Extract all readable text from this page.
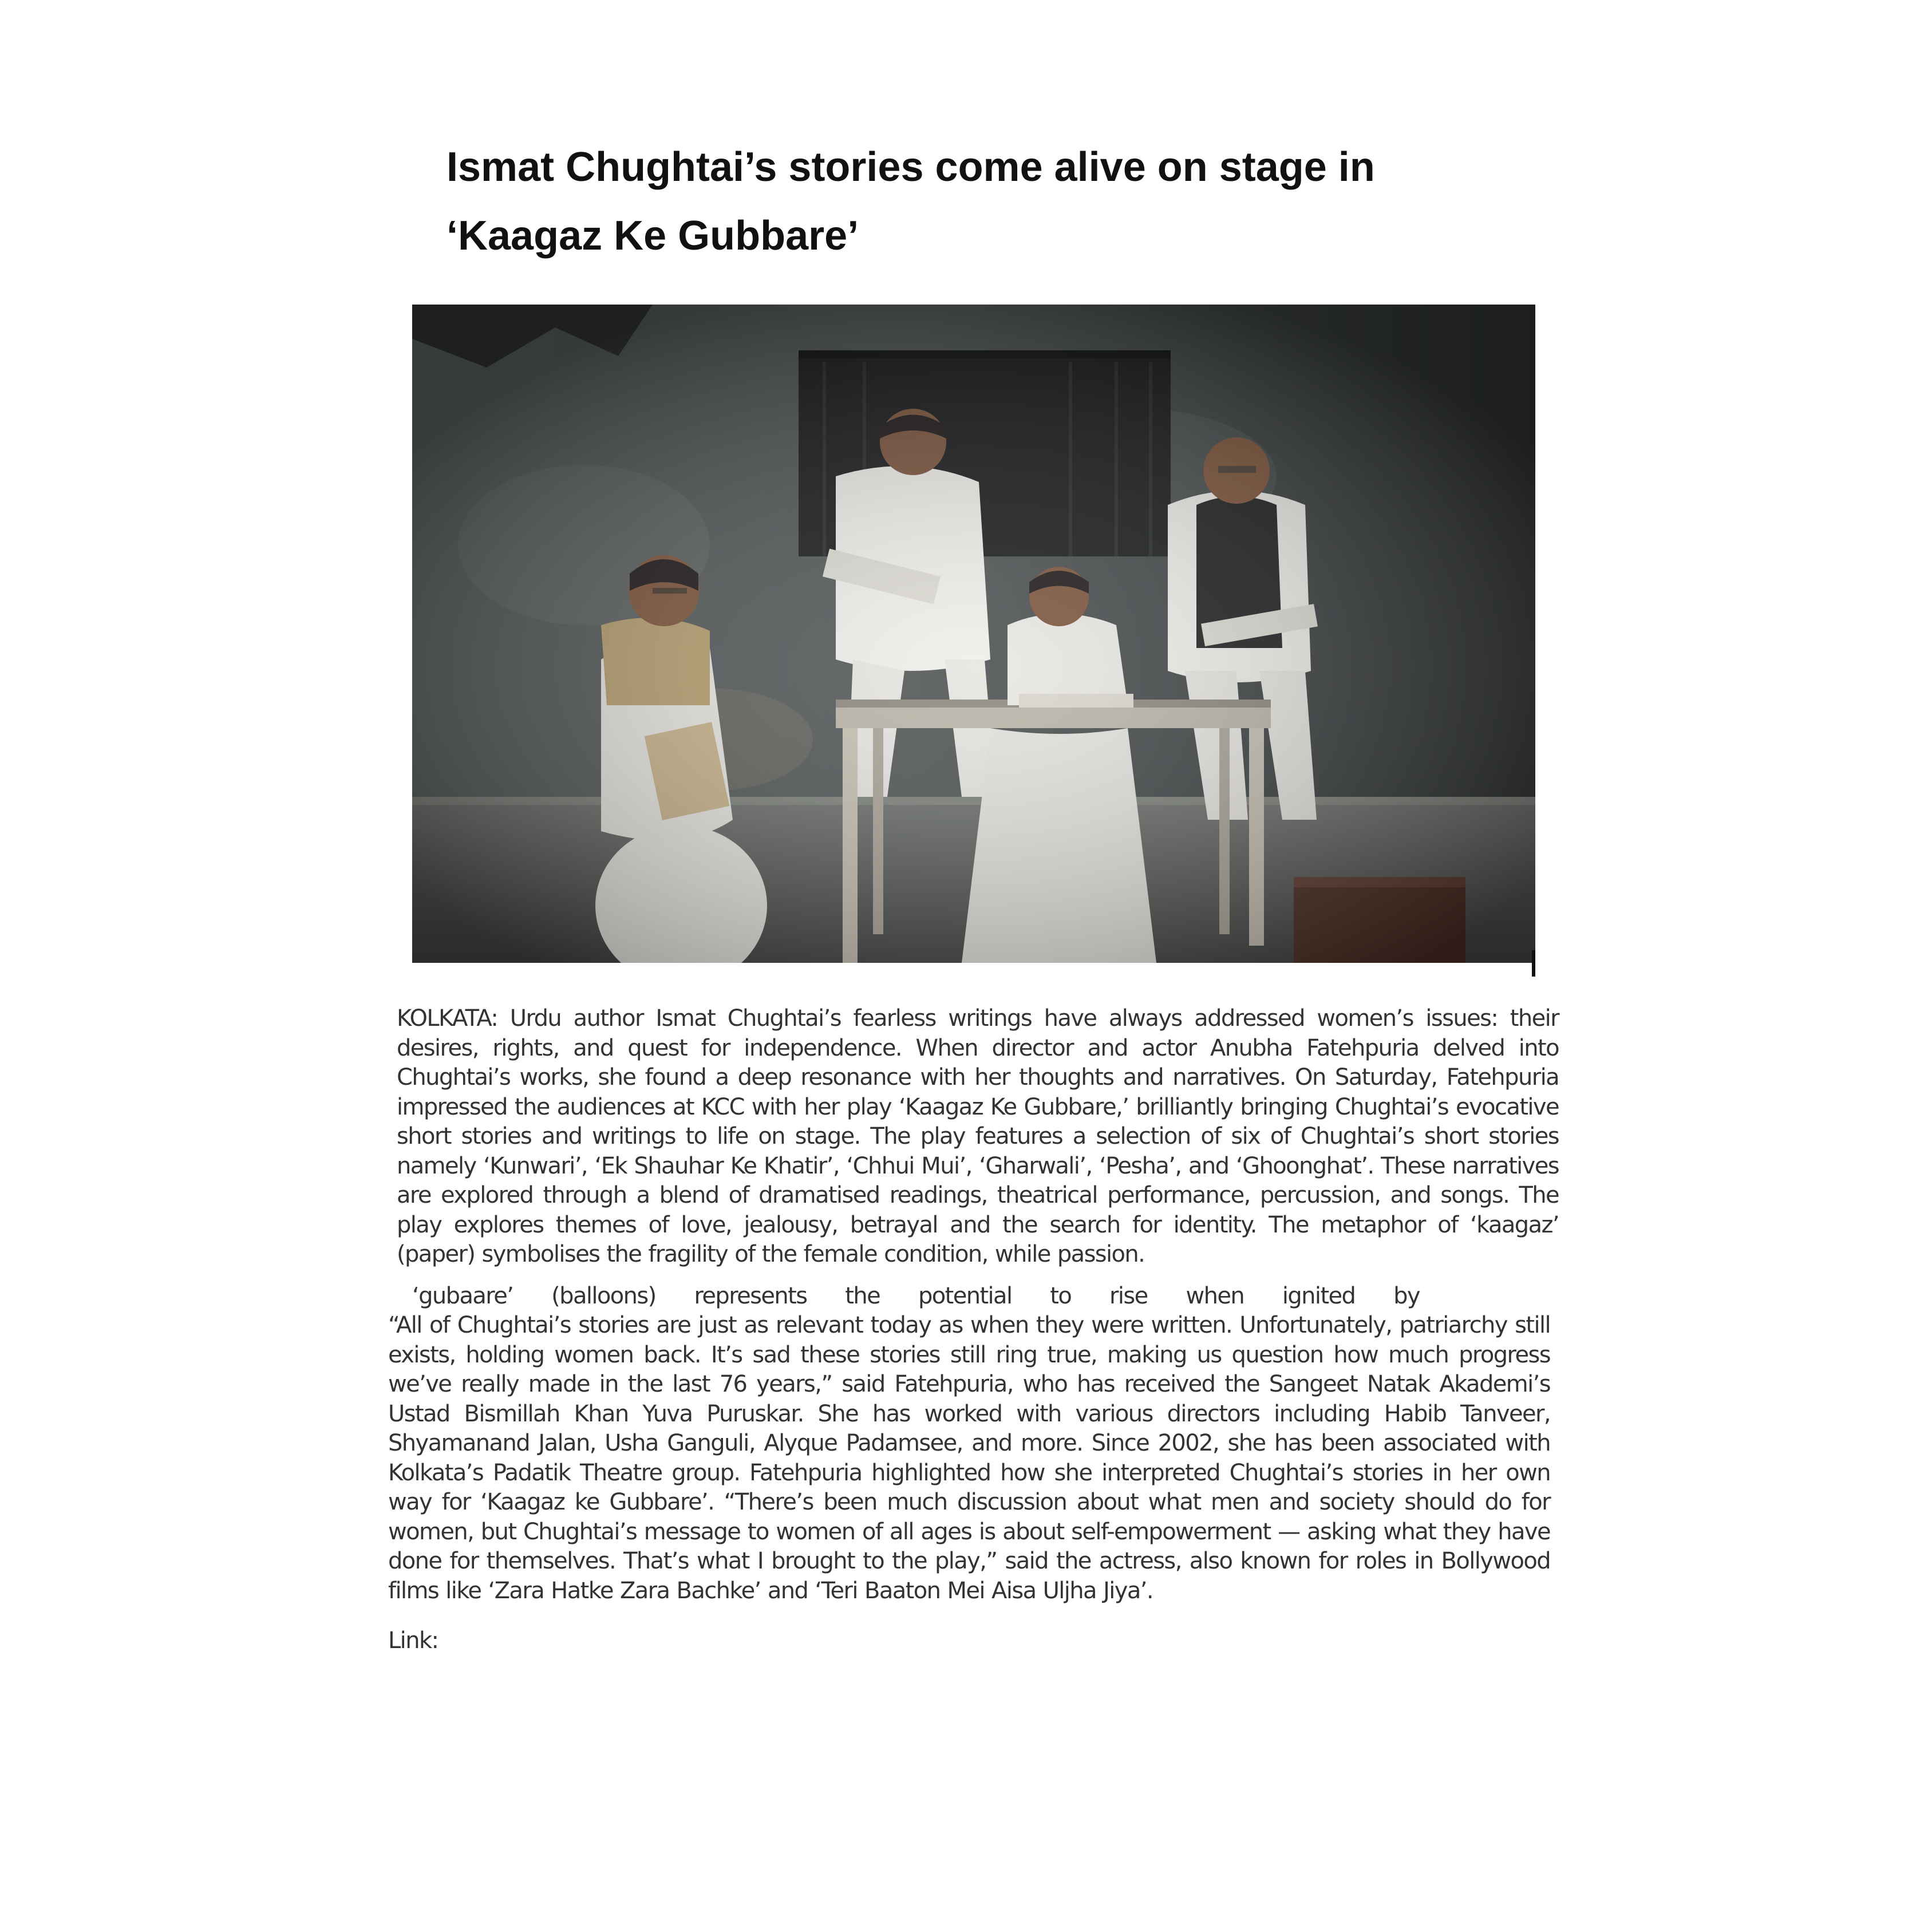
Ismat Chughtai’s stories come alive on stage in
‘Kaagaz Ke Gubbare’

KOLKATA: Urdu author Ismat Chughtai’s fearless writings have always addressed women’s issues: their desires, rights, and quest for independence. When director and actor Anubha Fatehpuria delved into Chughtai’s works, she found a deep resonance with her thoughts and narratives. On Saturday, Fatehpuria impressed the audiences at KCC with her play ‘Kaagaz Ke Gubbare,’ brilliantly bringing Chughtai’s evocative short stories and writings to life on stage. The play features a selection of six of Chughtai’s short stories namely ‘Kunwari’, ‘Ek Shauhar Ke Khatir’, ‘Chhui Mui’, ‘Gharwali’, ‘Pesha’, and ‘Ghoonghat’. These narratives are explored through a blend of dramatised readings, theatrical performance, percussion, and songs. The play explores themes of love, jealousy, betrayal and the search for identity. The metaphor of ‘kaagaz’ (paper) symbolises the fragility of the female condition, while passion.

‘gubaare’ (balloons) represents the potential to rise when ignited by

“All of Chughtai’s stories are just as relevant today as when they were written. Unfortunately, patriarchy still exists, holding women back. It’s sad these stories still ring true, making us question how much progress we’ve really made in the last 76 years,” said Fatehpuria, who has received the Sangeet Natak Akademi’s Ustad Bismillah Khan Yuva Puruskar. She has worked with various directors including Habib Tanveer, Shyamanand Jalan, Usha Ganguli, Alyque Padamsee, and more. Since 2002, she has been associated with Kolkata’s Padatik Theatre group. Fatehpuria highlighted how she interpreted Chughtai’s stories in her own way for ‘Kaagaz ke Gubbare’. “There’s been much discussion about what men and society should do for women, but Chughtai’s message to women of all ages is about self-empowerment — asking what they have done for themselves. That’s what I brought to the play,” said the actress, also known for roles in Bollywood films like ‘Zara Hatke Zara Bachke’ and ‘Teri Baaton Mei Aisa Uljha Jiya’.

Link:
